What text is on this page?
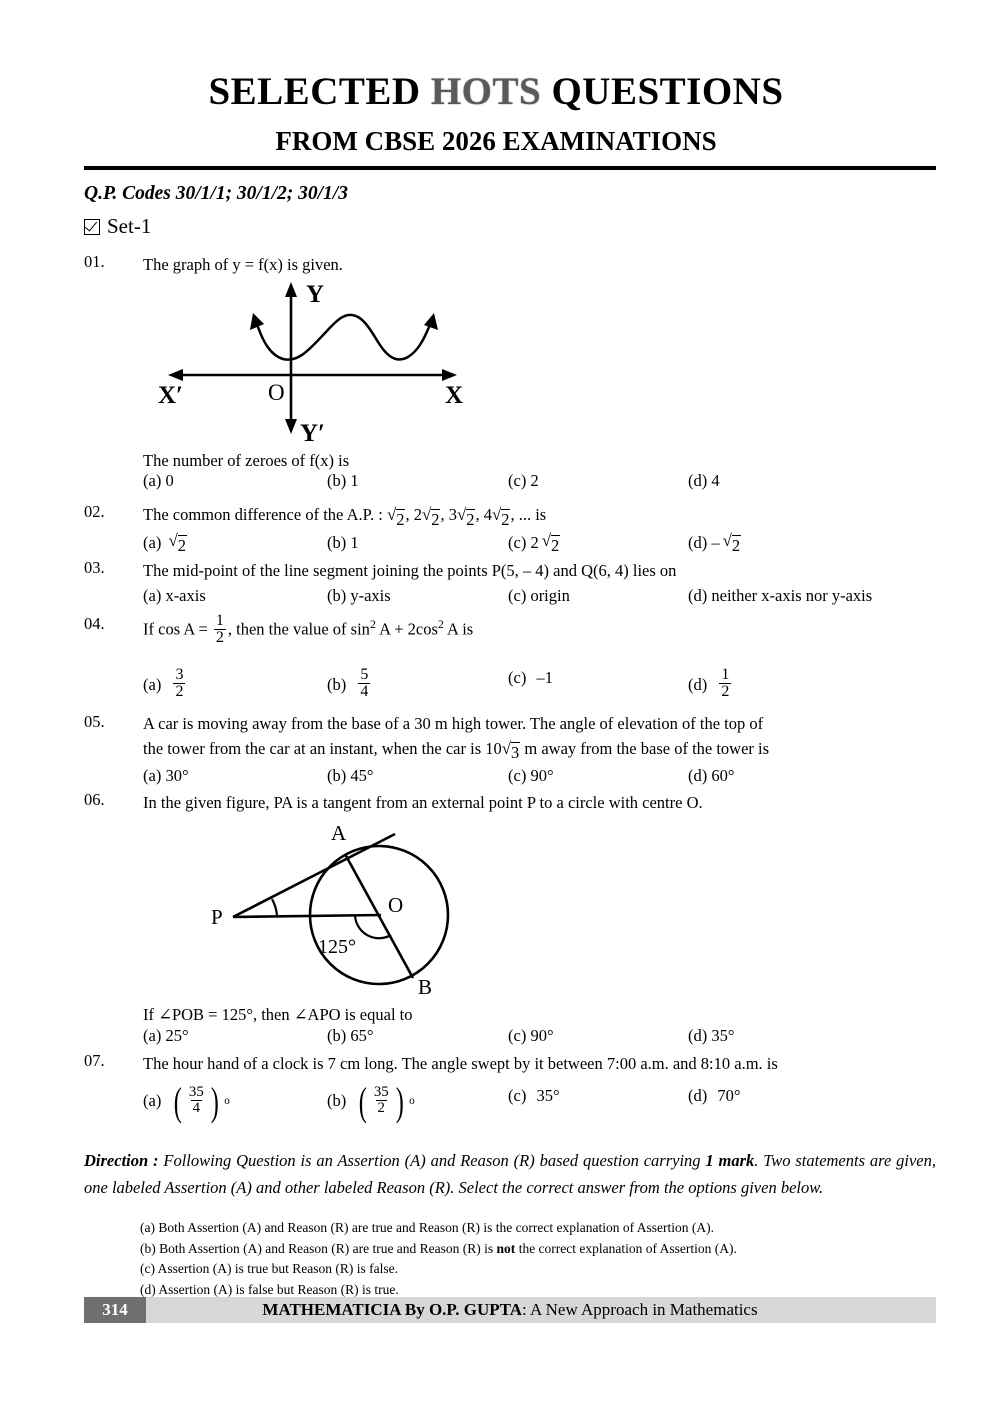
SELECTED HOTS QUESTIONS
FROM CBSE 2026 EXAMINATIONS
Q.P. Codes 30/1/1; 30/1/2; 30/1/3
Set-1
01.	The graph of y = f(x) is given.
Y
Y′
X
X′	O
The number of zeroes of f(x) is
(a) 0	(b) 1	(c) 2	(d) 4
02.	The common difference of the A.P. : √ 2 , 2 √ 2 , 3 √ 2 , 4 √ 2 , ... is
(a) √ 2	(b) 1	(c) 2 √ 2	(d) – √ 2
03.	The mid-point of the line segment joining the points P(5, – 4) and Q(6, 4) lies on
(a) x-axis	(b) y-axis	(c) origin	(d) neither x-axis nor y-axis
04.	If $\cos A = \frac{1}{2}$ , then the value of $\sin^2 A + 2\cos^2$ A is
(a)
$\frac{3}{2}$	(b)
$\frac{5}{4}$	(c)
–1	(d)
$\frac{1}{2}$
05.	A car is moving away from the base of a 30 m high tower. The angle of elevation of the top of
the tower from the car at an instant, when the car is 10 √ 3 m away from the base of the tower is
(a) 30°	(b) 45°	(c) 90°	(d) 60°
06.	In the given figure, PA is a tangent from an external point P to a circle with centre O.
P
A
O
B
125°
If ∠POB = 125°, then ∠APO is equal to
(a) 25°	(b) 65°	(c) 90°	(d) 35°
07.	The hour hand of a clock is 7 cm long. The angle swept by it between 7:00 a.m. and 8:10 a.m. is
(a)
( $\frac{35}{4}$ ) o	(b)
( $\frac{35}{2}$ ) o	(c)
35°	(d)
70°
Direction : Following Question is an Assertion (A) and Reason (R) based question carrying 1 mark. Two statements are given, one labeled Assertion (A) and other labeled Reason (R). Select the correct answer from the options given below.
(a) Both Assertion (A) and Reason (R) are true and Reason (R) is the correct explanation of Assertion (A).
(b) Both Assertion (A) and Reason (R) are true and Reason (R) is not the correct explanation of Assertion (A).
(c) Assertion (A) is true but Reason (R) is false.
(d) Assertion (A) is false but Reason (R) is true.
MATHEMATICIA By O.P. GUPTA : A New Approach in Mathematics
314
